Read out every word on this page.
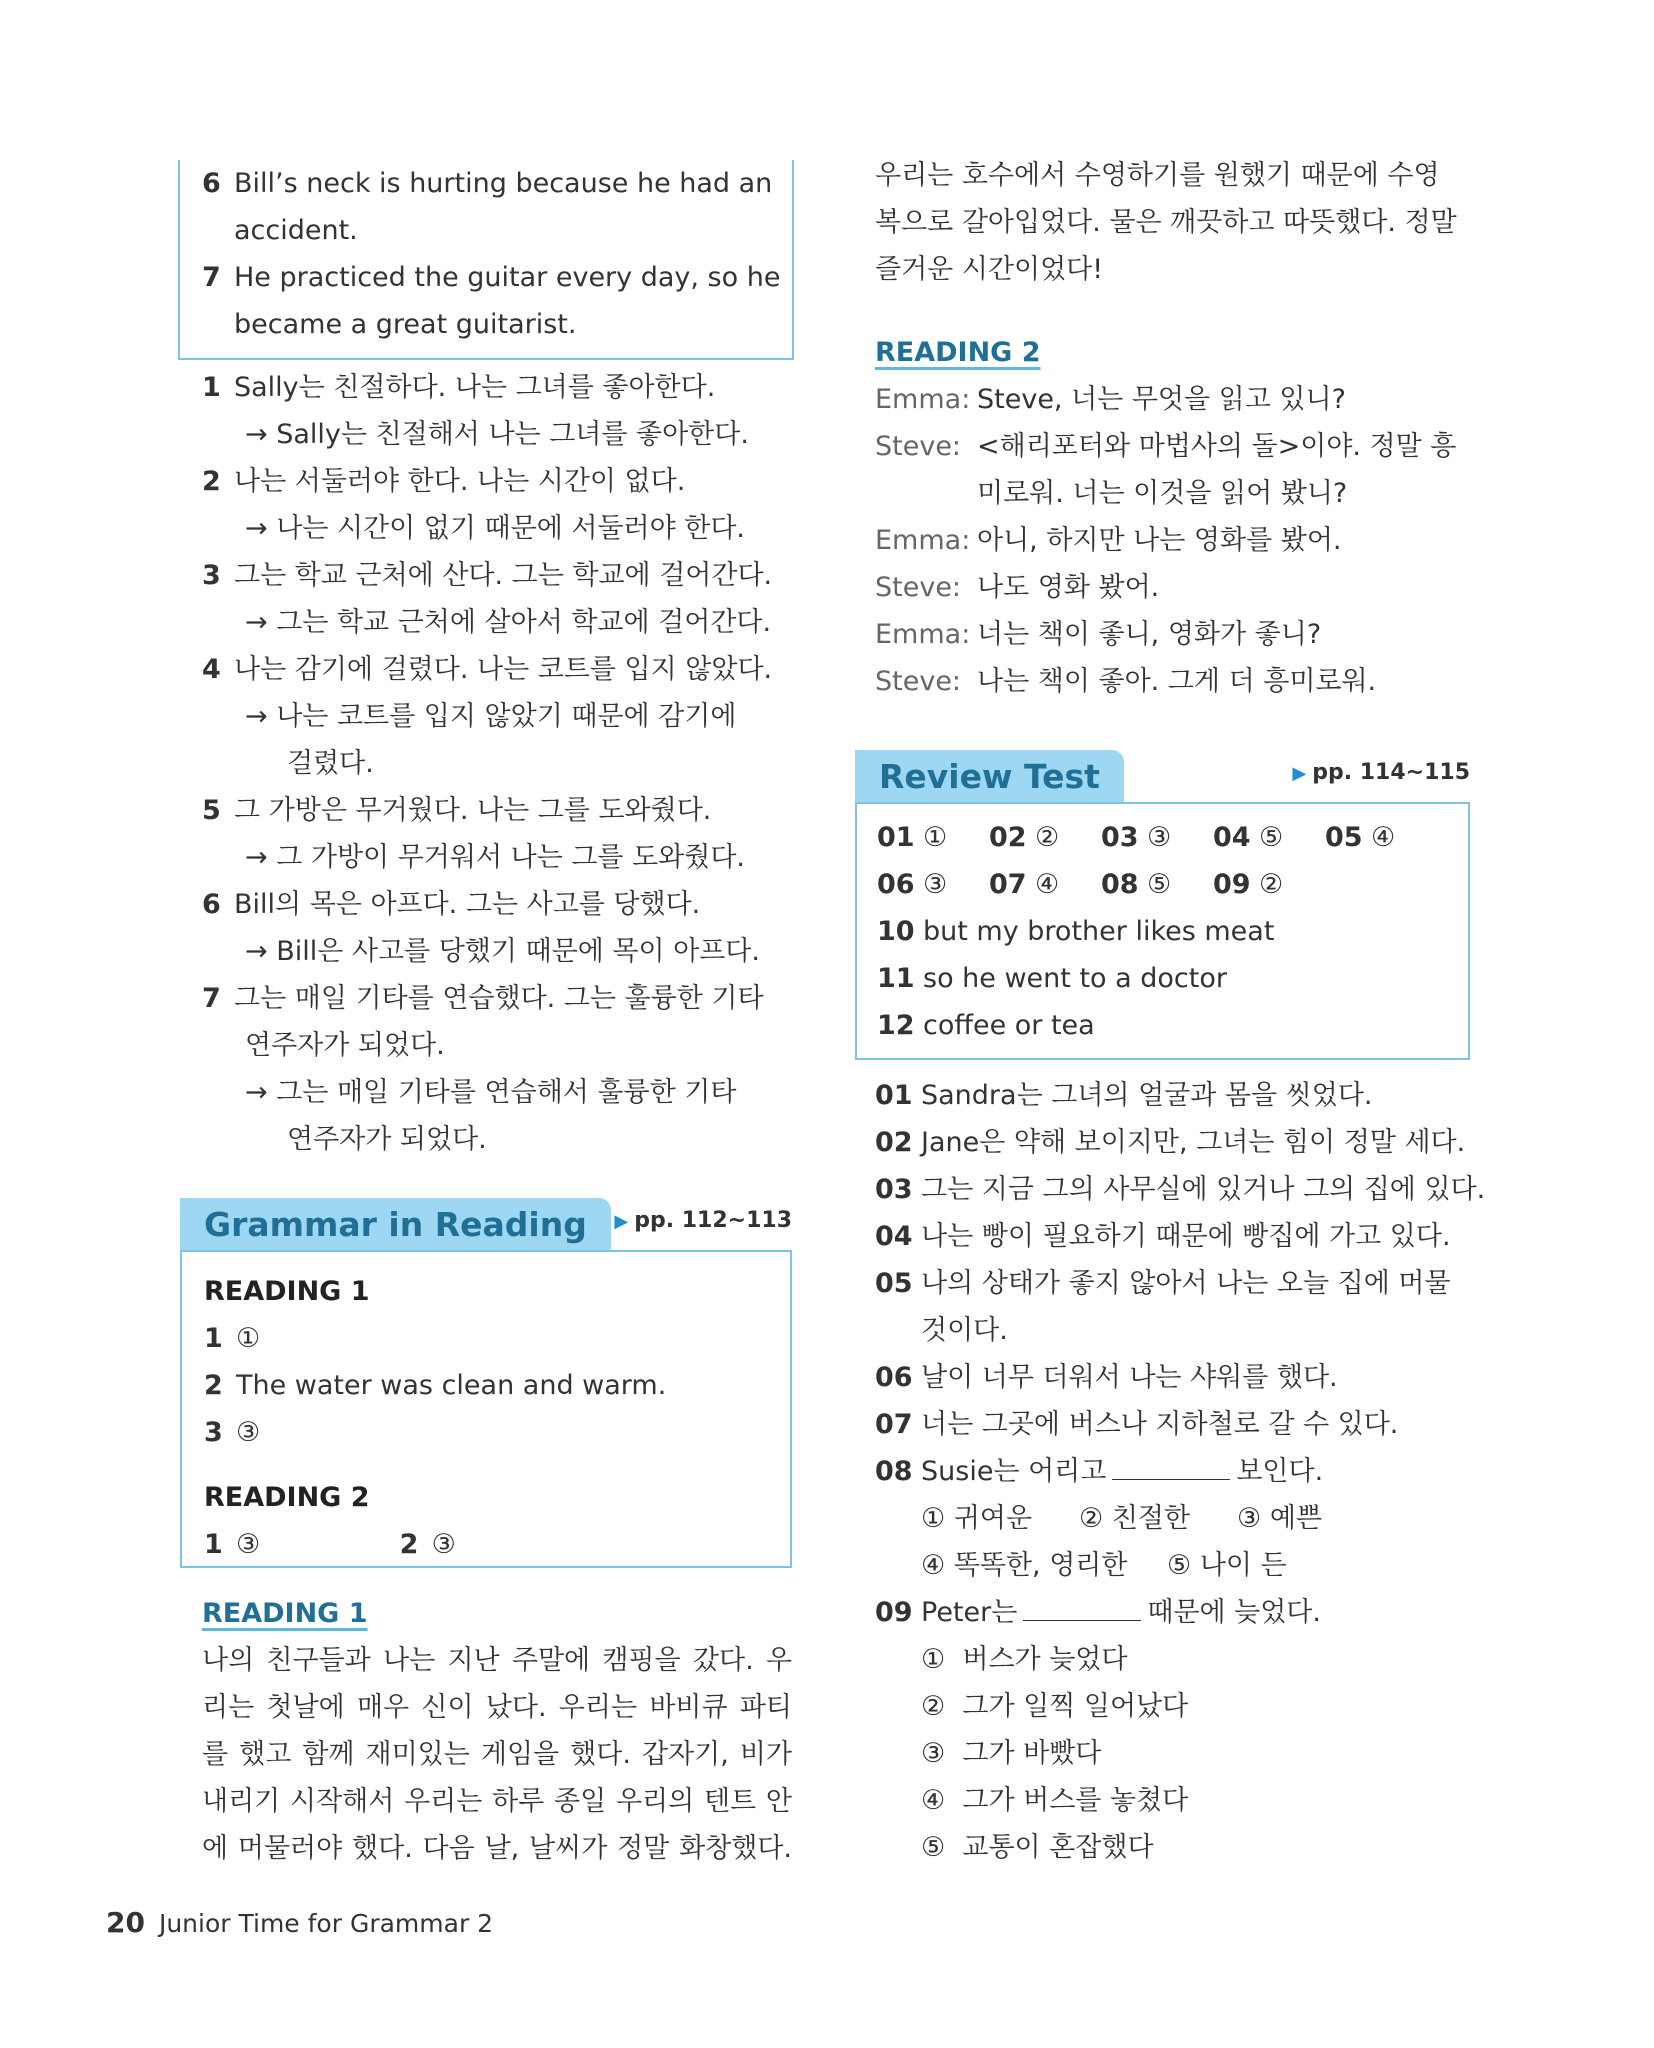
6 Bill’s neck is hurting because he had an
accident.
7 He practiced the guitar every day, so he
became a great guitarist.
1 Sally는 친절하다. 나는 그녀를 좋아한다.
→ Sally는 친절해서 나는 그녀를 좋아한다.
2 나는 서둘러야 한다. 나는 시간이 없다.
→ 나는 시간이 없기 때문에 서둘러야 한다.
3 그는 학교 근처에 산다. 그는 학교에 걸어간다.
→ 그는 학교 근처에 살아서 학교에 걸어간다.
4 나는 감기에 걸렸다. 나는 코트를 입지 않았다.
→ 나는 코트를 입지 않았기 때문에 감기에
걸렸다.
5 그 가방은 무거웠다. 나는 그를 도와줬다.
→ 그 가방이 무거워서 나는 그를 도와줬다.
6 Bill의 목은 아프다. 그는 사고를 당했다.
→ Bill은 사고를 당했기 때문에 목이 아프다.
7 그는 매일 기타를 연습했다. 그는 훌륭한 기타
연주자가 되었다.
→ 그는 매일 기타를 연습해서 훌륭한 기타
연주자가 되었다.
Grammar in Reading ▶ pp. 112~113
READING 1
1 ①
2 The water was clean and warm.
3 ③
READING 2
1 ③	2 ③
READING 1
나의 친구들과 나는 지난 주말에 캠핑을 갔다. 우
리는 첫날에 매우 신이 났다. 우리는 바비큐 파티
를 했고 함께 재미있는 게임을 했다. 갑자기, 비가
내리기 시작해서 우리는 하루 종일 우리의 텐트 안
에 머물러야 했다. 다음 날, 날씨가 정말 화창했다.
우리는 호수에서 수영하기를 원했기 때문에 수영
복으로 갈아입었다. 물은 깨끗하고 따뜻했다. 정말
즐거운 시간이었다!
READING 2
Emma: Steve, 너는 무엇을 읽고 있니?
Steve: <해리포터와 마법사의 돌>이야. 정말 흥
미로워. 너는 이것을 읽어 봤니?
Emma: 아니, 하지만 나는 영화를 봤어.
Steve: 나도 영화 봤어.
Emma: 너는 책이 좋니, 영화가 좋니?
Steve: 나는 책이 좋아. 그게 더 흥미로워.
Review Test	▶ pp. 114~115
01 ① 02 ② 03 ③ 04 ⑤ 05 ④
06 ③ 07 ④ 08 ⑤ 09 ②
10 but my brother likes meat
11 so he went to a doctor
12 coffee or tea
01 Sandra는 그녀의 얼굴과 몸을 씻었다.
02 Jane은 약해 보이지만, 그녀는 힘이 정말 세다.
03 그는 지금 그의 사무실에 있거나 그의 집에 있다.
04 나는 빵이 필요하기 때문에 빵집에 가고 있다.
05 나의 상태가 좋지 않아서 나는 오늘 집에 머물
것이다.
06 날이 너무 더워서 나는 샤워를 했다.
07 너는 그곳에 버스나 지하철로 갈 수 있다.
08 Susie는 어리고	보인다.
① 귀여운 ② 친절한 ③ 예쁜
④ 똑똑한, 영리한 ⑤ 나이 든
09 Peter는	때문에 늦었다.
① 버스가 늦었다
② 그가 일찍 일어났다
③ 그가 바빴다
④ 그가 버스를 놓쳤다
⑤ 교통이 혼잡했다
20 Junior Time for Grammar 2
